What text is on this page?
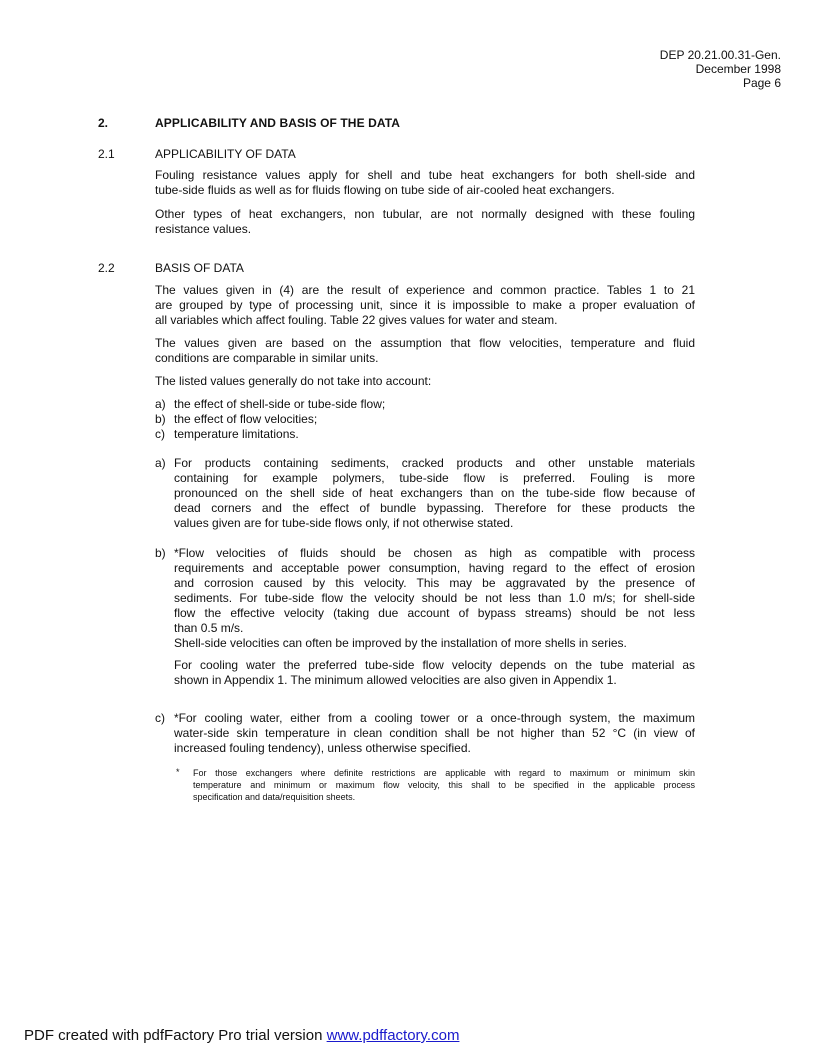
DEP 20.21.00.31-Gen.
December 1998
Page 6
2.	APPLICABILITY AND BASIS OF THE DATA
2.1	APPLICABILITY OF DATA
Fouling resistance values apply for shell and tube heat exchangers for both shell-side and
tube-side fluids as well as for fluids flowing on tube side of air-cooled heat exchangers.
Other types of heat exchangers, non tubular, are not normally designed with these fouling
resistance values.
2.2	BASIS OF DATA
The values given in (4) are the result of experience and common practice. Tables 1 to 21
are grouped by type of processing unit, since it is impossible to make a proper evaluation of
all variables which affect fouling. Table 22 gives values for water and steam.
The values given are based on the assumption that flow velocities, temperature and fluid
conditions are comparable in similar units.
The listed values generally do not take into account:
a) the effect of shell-side or tube-side flow;
b) the effect of flow velocities;
c) temperature limitations.
a) For products containing sediments, cracked products and other unstable materials
containing for example polymers, tube-side flow is preferred. Fouling is more
pronounced on the shell side of heat exchangers than on the tube-side flow because of
dead corners and the effect of bundle bypassing. Therefore for these products the
values given are for tube-side flows only, if not otherwise stated.
b) *Flow velocities of fluids should be chosen as high as compatible with process
requirements and acceptable power consumption, having regard to the effect of erosion
and corrosion caused by this velocity. This may be aggravated by the presence of
sediments. For tube-side flow the velocity should be not less than 1.0 m/s; for shell-side
flow the effective velocity (taking due account of bypass streams) should be not less
than 0.5 m/s.
Shell-side velocities can often be improved by the installation of more shells in series.
For cooling water the preferred tube-side flow velocity depends on the tube material as
shown in Appendix 1. The minimum allowed velocities are also given in Appendix 1.
c) *For cooling water, either from a cooling tower or a once-through system, the maximum
water-side skin temperature in clean condition shall be not higher than 52 °C (in view of
increased fouling tendency), unless otherwise specified.
* For those exchangers where definite restrictions are applicable with regard to maximum or minimum skin
temperature and minimum or maximum flow velocity, this shall to be specified in the applicable process
specification and data/requisition sheets.
PDF created with pdfFactory Pro trial version www.pdffactory.com
